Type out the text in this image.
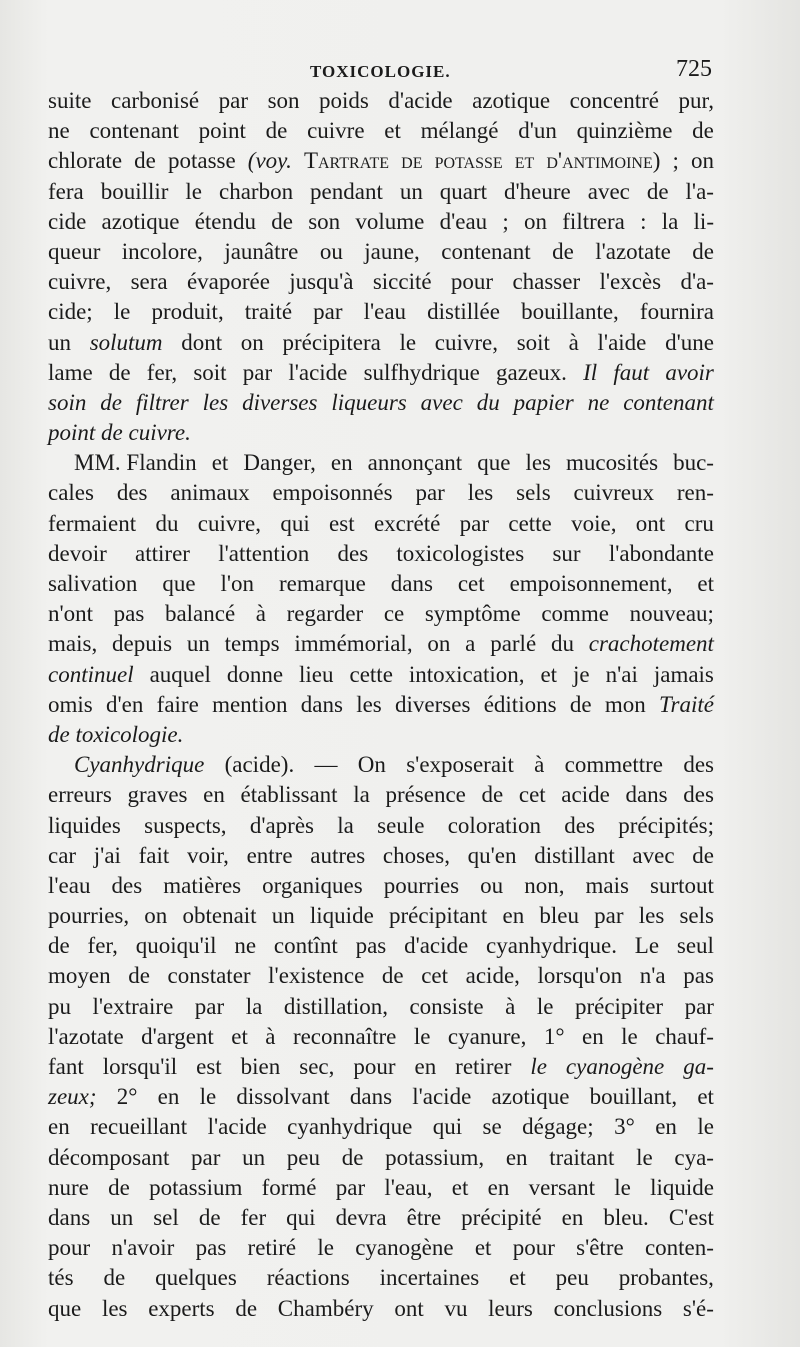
TOXICOLOGIE.	725
suite carbonisé par son poids d'acide azotique concentré pur,
ne contenant point de cuivre et mélangé d'un quinzième de
chlorate de potasse (voy. Tartrate de potasse et d'antimoine) ; on
fera bouillir le charbon pendant un quart d'heure avec de l'a-
cide azotique étendu de son volume d'eau ; on filtrera : la li-
queur incolore, jaunâtre ou jaune, contenant de l'azotate de
cuivre, sera évaporée jusqu'à siccité pour chasser l'excès d'a-
cide; le produit, traité par l'eau distillée bouillante, fournira
un solutum dont on précipitera le cuivre, soit à l'aide d'une
lame de fer, soit par l'acide sulfhydrique gazeux. Il faut avoir
soin de filtrer les diverses liqueurs avec du papier ne contenant
point de cuivre.
MM. Flandin et Danger, en annonçant que les mucosités buc-
cales des animaux empoisonnés par les sels cuivreux ren-
fermaient du cuivre, qui est excrété par cette voie, ont cru
devoir attirer l'attention des toxicologistes sur l'abondante
salivation que l'on remarque dans cet empoisonnement, et
n'ont pas balancé à regarder ce symptôme comme nouveau;
mais, depuis un temps immémorial, on a parlé du crachotement
continuel auquel donne lieu cette intoxication, et je n'ai jamais
omis d'en faire mention dans les diverses éditions de mon Traité
de toxicologie.
Cyanhydrique (acide). — On s'exposerait à commettre des
erreurs graves en établissant la présence de cet acide dans des
liquides suspects, d'après la seule coloration des précipités;
car j'ai fait voir, entre autres choses, qu'en distillant avec de
l'eau des matières organiques pourries ou non, mais surtout
pourries, on obtenait un liquide précipitant en bleu par les sels
de fer, quoiqu'il ne contînt pas d'acide cyanhydrique. Le seul
moyen de constater l'existence de cet acide, lorsqu'on n'a pas
pu l'extraire par la distillation, consiste à le précipiter par
l'azotate d'argent et à reconnaître le cyanure, 1° en le chauf-
fant lorsqu'il est bien sec, pour en retirer le cyanogène ga-
zeux; 2° en le dissolvant dans l'acide azotique bouillant, et
en recueillant l'acide cyanhydrique qui se dégage; 3° en le
décomposant par un peu de potassium, en traitant le cya-
nure de potassium formé par l'eau, et en versant le liquide
dans un sel de fer qui devra être précipité en bleu. C'est
pour n'avoir pas retiré le cyanogène et pour s'être conten-
tés de quelques réactions incertaines et peu probantes,
que les experts de Chambéry ont vu leurs conclusions s'é-
